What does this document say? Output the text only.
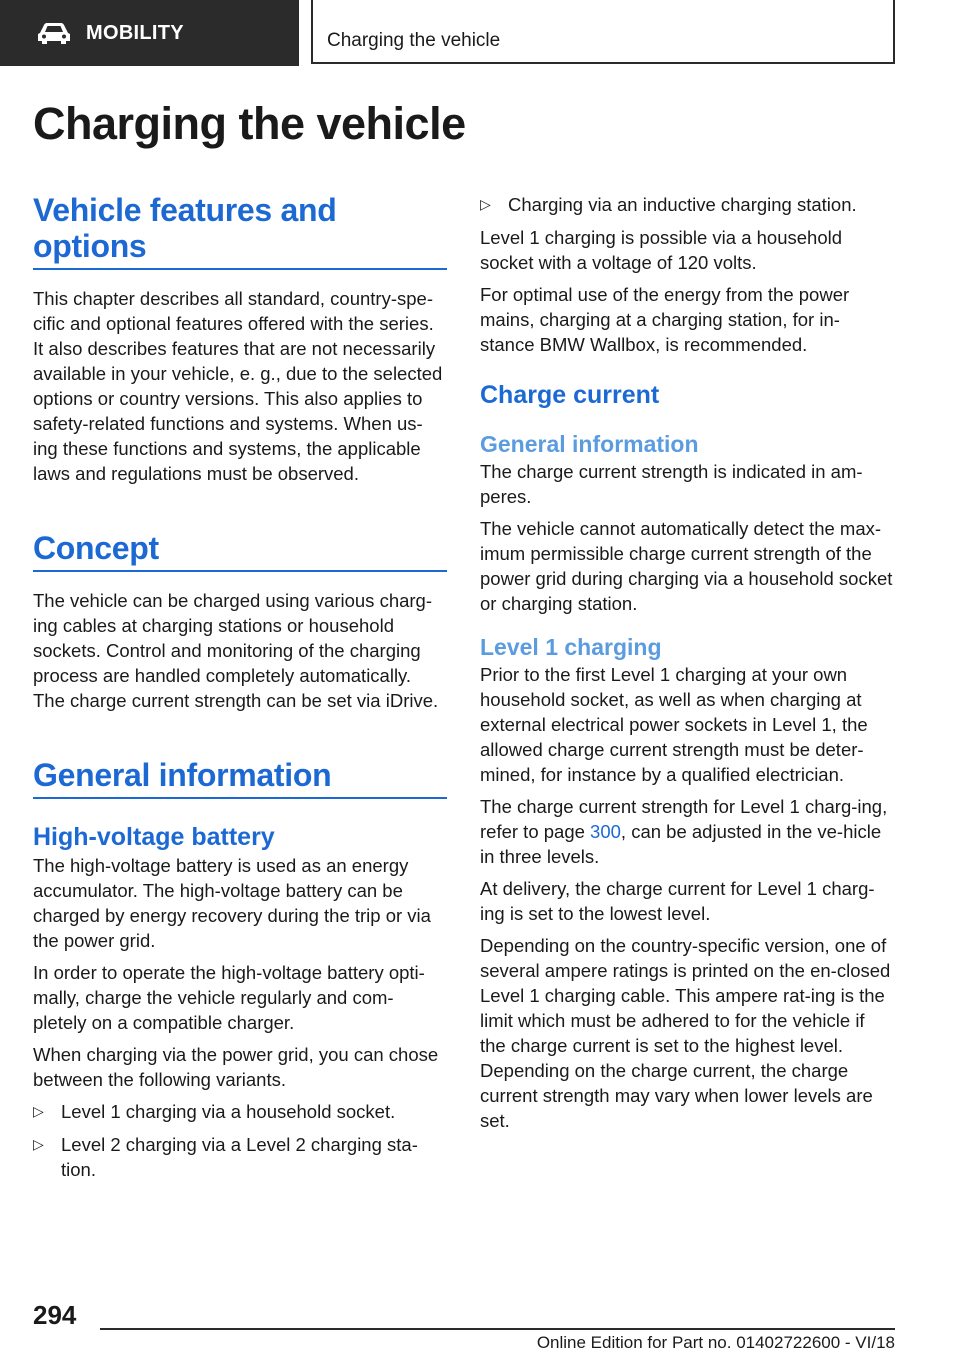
MOBILITY	Charging the vehicle
Charging the vehicle
Vehicle features and options

This chapter describes all standard, country-spe-cific and optional features offered with the series. It also describes features that are not necessarily available in your vehicle, e. g., due to the selected options or country versions. This also applies to safety-related functions and systems. When us-ing these functions and systems, the applicable laws and regulations must be observed.

Concept

The vehicle can be charged using various charg-ing cables at charging stations or household sockets. Control and monitoring of the charging process are handled completely automatically. The charge current strength can be set via iDrive.

General information
High-voltage battery

The high-voltage battery is used as an energy accumulator. The high-voltage battery can be charged by energy recovery during the trip or via the power grid.

In order to operate the high-voltage battery opti-mally, charge the vehicle regularly and com-pletely on a compatible charger.

When charging via the power grid, you can chose between the following variants.

▷ Level 1 charging via a household socket.
▷ Level 2 charging via a Level 2 charging sta-tion.
▷ Charging via an inductive charging station.

Level 1 charging is possible via a household socket with a voltage of 120 volts.

For optimal use of the energy from the power mains, charging at a charging station, for in-stance BMW Wallbox, is recommended.

Charge current
General information

The charge current strength is indicated in am-peres.

The vehicle cannot automatically detect the max-imum permissible charge current strength of the power grid during charging via a household socket or charging station.

Level 1 charging

Prior to the first Level 1 charging at your own household socket, as well as when charging at external electrical power sockets in Level 1, the allowed charge current strength must be deter-mined, for instance by a qualified electrician.

The charge current strength for Level 1 charg-ing, refer to page 300, can be adjusted in the ve-hicle in three levels.

At delivery, the charge current for Level 1 charg-ing is set to the lowest level.

Depending on the country-specific version, one of several ampere ratings is printed on the en-closed Level 1 charging cable. This ampere rat-ing is the limit which must be adhered to for the vehicle if the charge current is set to the highest level. Depending on the charge current, the charge current strength may vary when lower levels are set.

294
Online Edition for Part no. 01402722600 - VI/18
